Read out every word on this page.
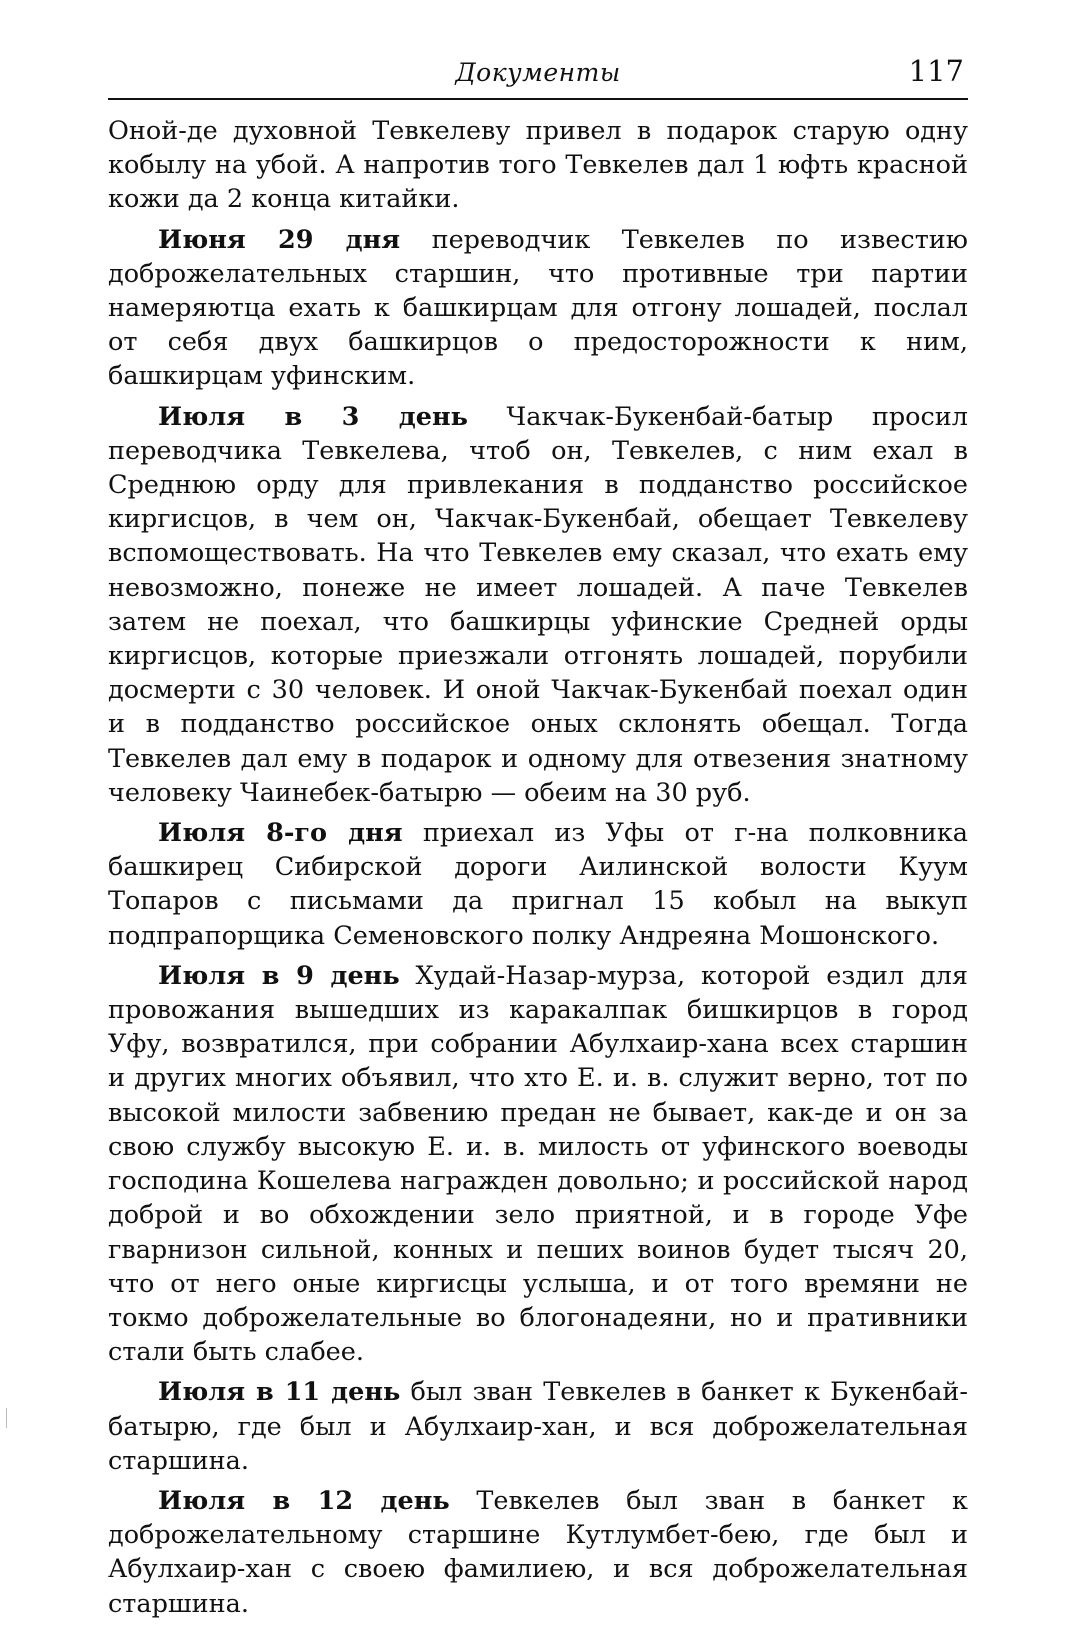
Документы	117

Оной-де духовной Тевкелеву привел в подарок старую одну кобылу на убой. А напротив того Тевкелев дал 1 юфть красной кожи да 2 конца китайки.

Июня 29 дня переводчик Тевкелев по известию доброжелательных старшин, что противные три партии намеряютца ехать к башкирцам для отгону лошадей, послал от себя двух башкирцов о предосторожности к ним, башкирцам уфинским.

Июля в 3 день Чакчак-Букенбай-батыр просил переводчика Тевкелева, чтоб он, Тевкелев, с ним ехал в Среднюю орду для привлекания в подданство российское киргисцов, в чем он, Чакчак-Букенбай, обещает Тевкелеву вспомоществовать. На что Тевкелев ему сказал, что ехать ему невозможно, понеже не имеет лошадей. А паче Тевкелев затем не поехал, что башкирцы уфинские Средней орды киргисцов, которые приезжали отгонять лошадей, порубили досмерти с 30 человек. И оной Чакчак-Букенбай поехал один и в подданство российское оных склонять обещал. Тогда Тевкелев дал ему в подарок и одному для отвезения знатному человеку Чаинебек-батырю — обеим на 30 руб.

Июля 8-го дня приехал из Уфы от г-на полковника башкирец Сибирской дороги Аилинской волости Куум Топаров с письмами да пригнал 15 кобыл на выкуп подпрапорщика Семеновского полку Андреяна Мошонского.

Июля в 9 день Худай-Назар-мурза, которой ездил для провожания вышедших из каракалпак бишкирцов в город Уфу, возвратился, при собрании Абулхаир-хана всех старшин и других многих объявил, что хто Е. и. в. служит верно, тот по высокой милости забвению предан не бывает, как-де и он за свою службу высокую Е. и. в. милость от уфинского воеводы господина Кошелева награжден довольно; и российской народ доброй и во обхождении зело приятной, и в городе Уфе гварнизон сильной, конных и пеших воинов будет тысяч 20, что от него оные киргисцы услыша, и от того времяни не токмо доброжелательные во блогонадеяни, но и пративники стали быть слабее.

Июля в 11 день был зван Тевкелев в банкет к Букенбай-батырю, где был и Абулхаир-хан, и вся доброжелательная старшина.

Июля в 12 день Тевкелев был зван в банкет к доброжелательному старшине Кутлумбет-бею, где был и Абулхаир-хан с своею фамилиею, и вся доброжелательная старшина.
